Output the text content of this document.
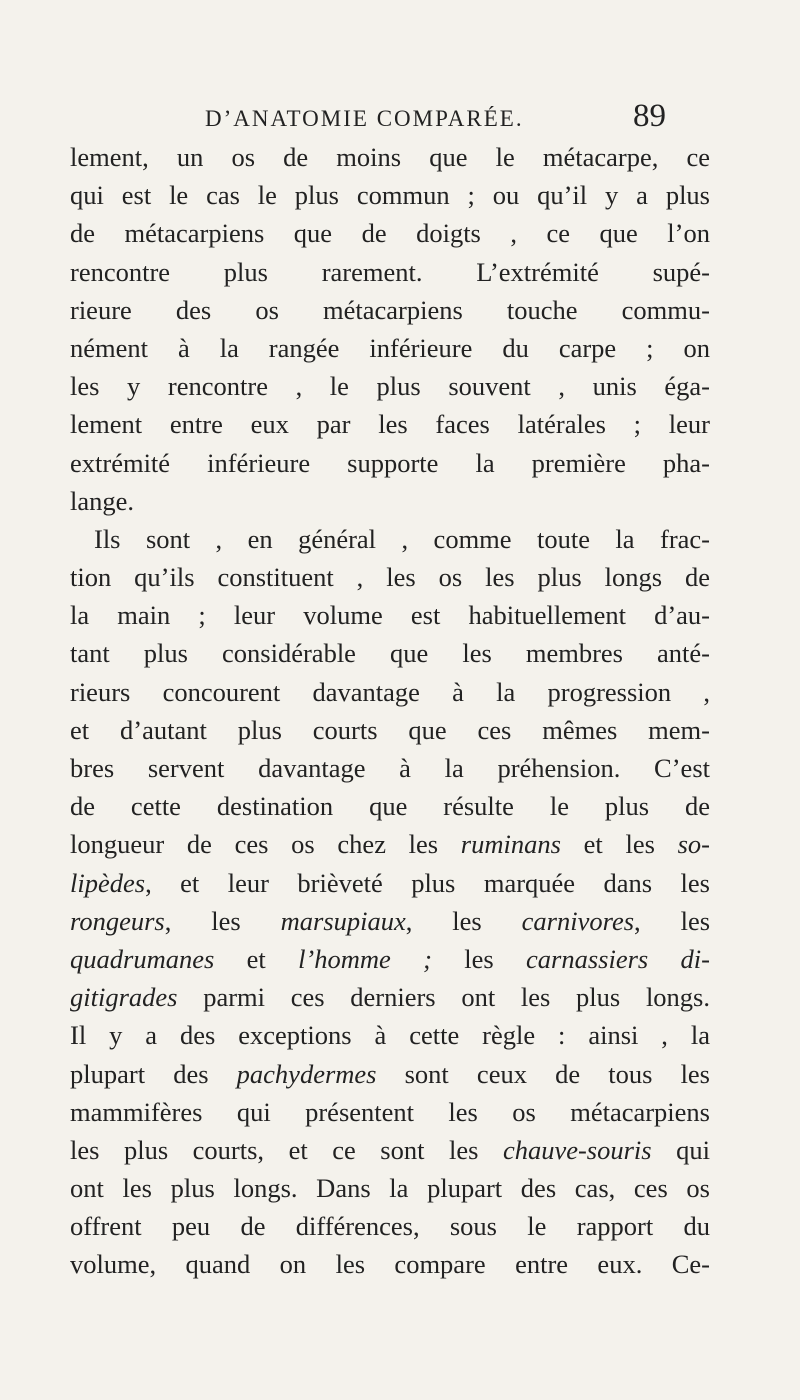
D’ANATOMIE COMPARÉE.	89
lement, un os de moins que le métacarpe, ce
qui est le cas le plus commun ; ou qu’il y a plus
de métacarpiens que de doigts , ce que l’on
rencontre plus rarement. L’extrémité supé-
rieure des os métacarpiens touche commu-
nément à la rangée inférieure du carpe ; on
les y rencontre , le plus souvent , unis éga-
lement entre eux par les faces latérales ; leur
extrémité inférieure supporte la première pha-
lange.
Ils sont , en général , comme toute la frac-
tion qu’ils constituent , les os les plus longs de
la main ; leur volume est habituellement d’au-
tant plus considérable que les membres anté-
rieurs concourent davantage à la progression ,
et d’autant plus courts que ces mêmes mem-
bres servent davantage à la préhension. C’est
de cette destination que résulte le plus de
longueur de ces os chez les ruminans et les so-
lipèdes, et leur brièveté plus marquée dans les
rongeurs, les marsupiaux, les carnivores, les
quadrumanes et l’homme ; les carnassiers di-
gitigrades parmi ces derniers ont les plus longs.
Il y a des exceptions à cette règle : ainsi , la
plupart des pachydermes sont ceux de tous les
mammifères qui présentent les os métacarpiens
les plus courts, et ce sont les chauve-souris qui
ont les plus longs. Dans la plupart des cas, ces os
offrent peu de différences, sous le rapport du
volume, quand on les compare entre eux. Ce-
